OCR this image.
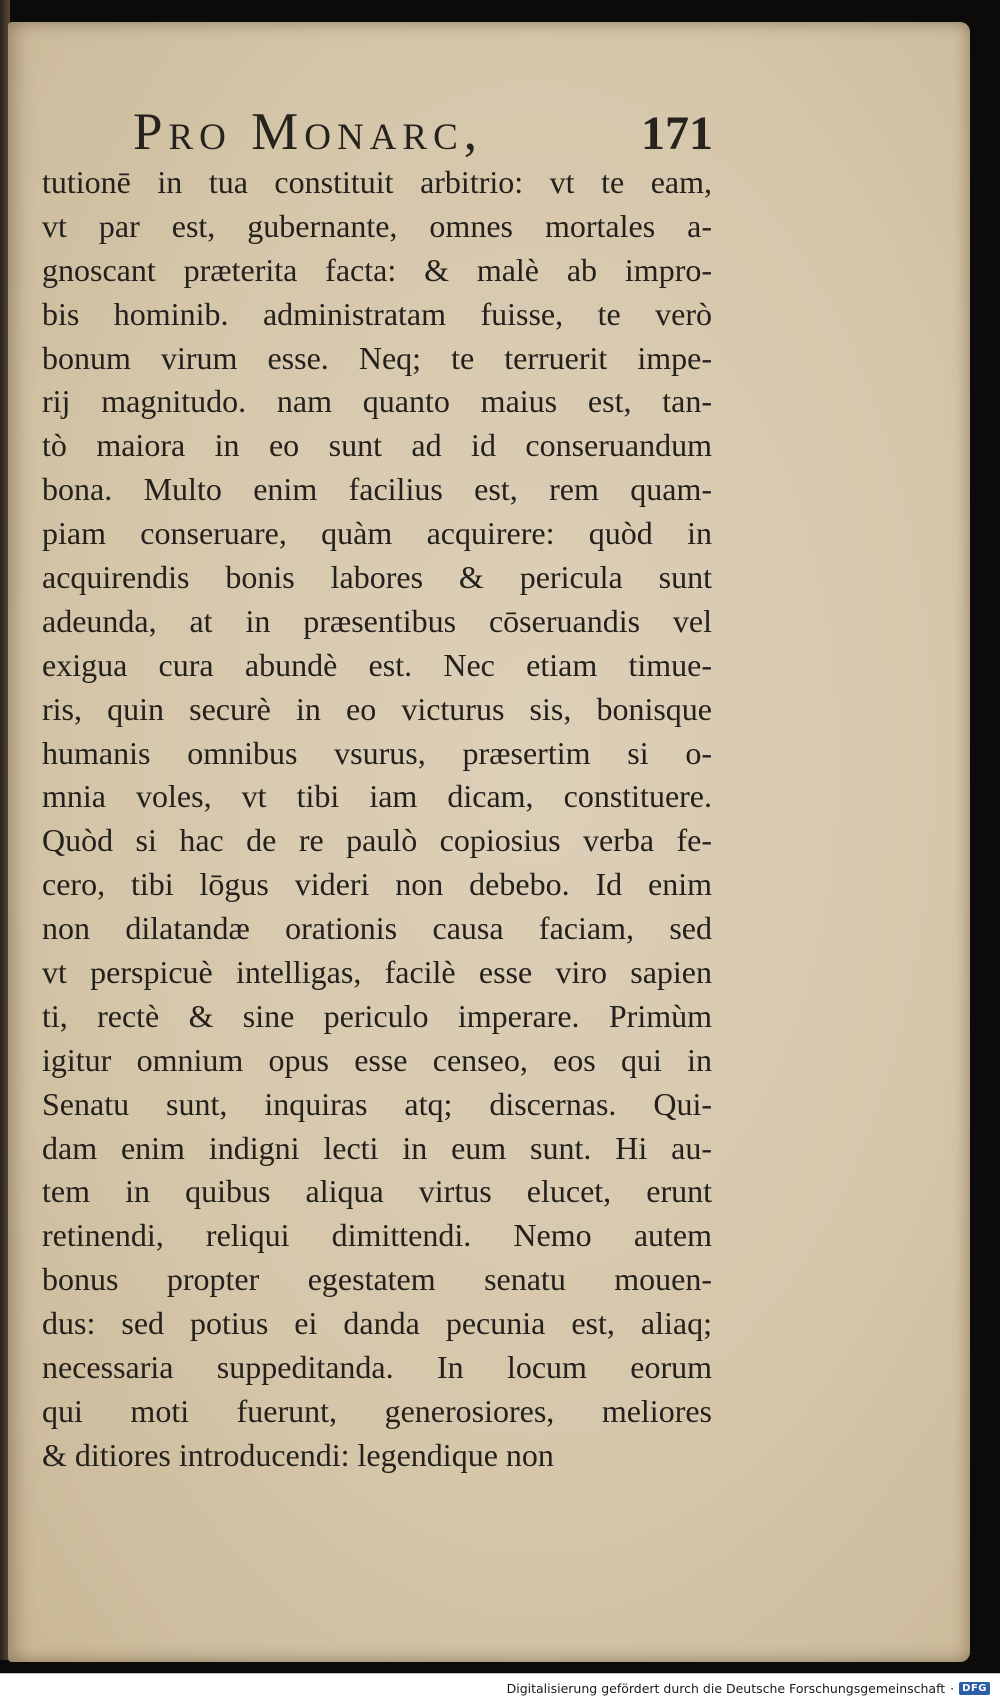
Pro Monarc,	171
tutionē in tua constituit arbitrio: vt te eam,
vt par est, gubernante, omnes mortales a-
gnoscant præterita facta: & malè ab impro-
bis hominib. administratam fuisse, te verò
bonum virum esse. Neq; te terruerit impe-
rij magnitudo. nam quanto maius est, tan-
tò maiora in eo sunt ad id conseruandum
bona. Multo enim facilius est, rem quam-
piam conseruare, quàm acquirere: quòd in
acquirendis bonis labores & pericula sunt
adeunda, at in præsentibus cōseruandis vel
exigua cura abundè est. Nec etiam timue-
ris, quin securè in eo victurus sis, bonisque
humanis omnibus vsurus, præsertim si o-
mnia voles, vt tibi iam dicam, constituere.
Quòd si hac de re paulò copiosius verba fe-
cero, tibi lōgus videri non debebo. Id enim
non dilatandæ orationis causa faciam, sed
vt perspicuè intelligas, facilè esse viro sapien
ti, rectè & sine periculo imperare. Primùm
igitur omnium opus esse censeo, eos qui in
Senatu sunt, inquiras atq; discernas. Qui-
dam enim indigni lecti in eum sunt. Hi au-
tem in quibus aliqua virtus elucet, erunt
retinendi, reliqui dimittendi. Nemo autem
bonus propter egestatem senatu mouen-
dus: sed potius ei danda pecunia est, aliaq;
necessaria suppeditanda. In locum eorum
qui moti fuerunt, generosiores, meliores
& ditiores introducendi: legendique non
Digitalisierung gefördert durch die Deutsche Forschungsgemeinschaft · DFG
